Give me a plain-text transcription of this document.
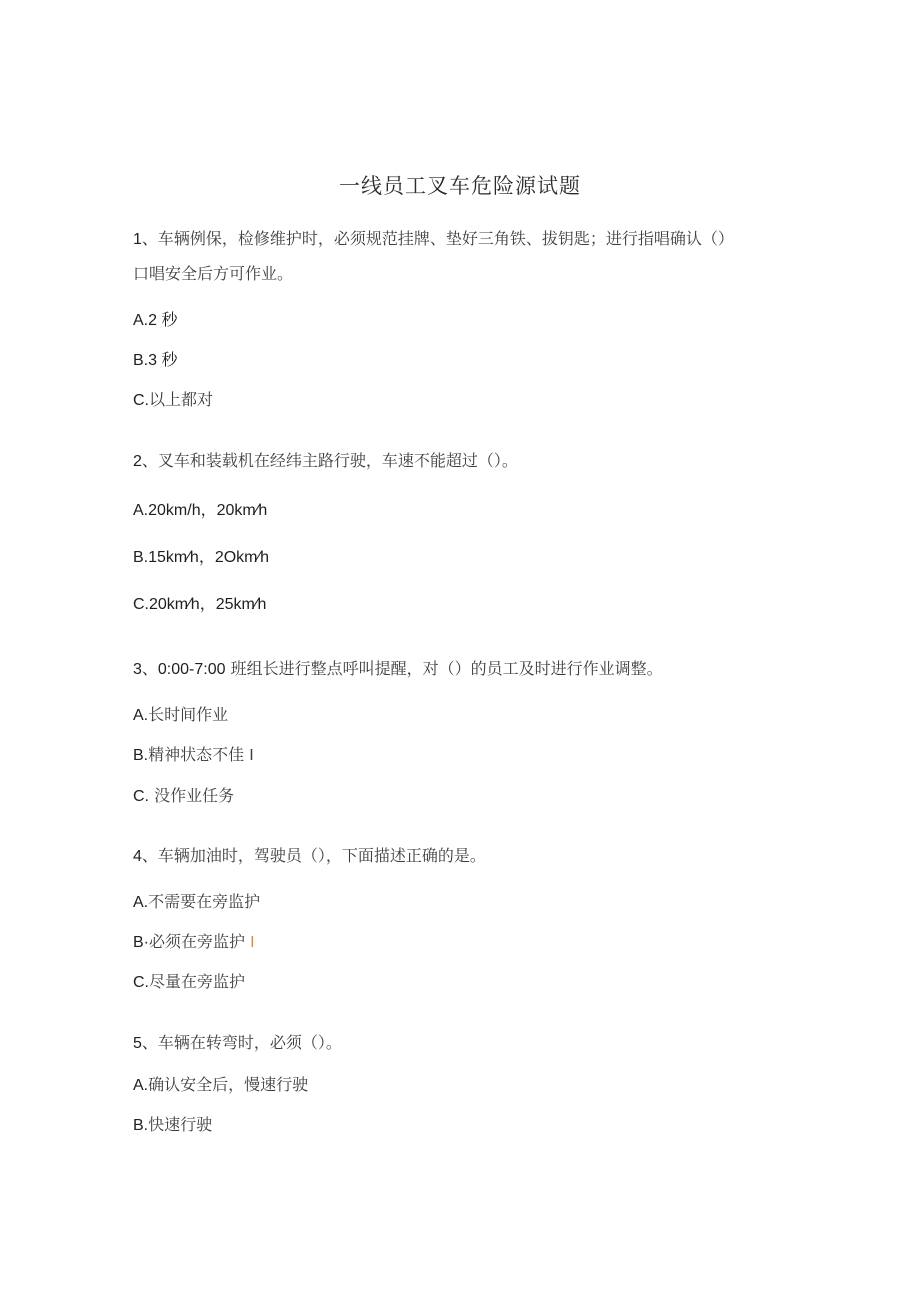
一线员工叉车危险源试题
1、车辆例保，检修维护时，必须规范挂牌、垫好三角铁、拔钥匙；进行指唱确认（）
口唱安全后方可作业。
A.2 秒
B.3 秒
C.以上都对
2、叉车和装载机在经纬主路行驶，车速不能超过（）。
A.20km/h，20km∕h
B.15km∕h，2Okm∕h
C.20km∕h，25km∕h
3、0:00-7:00 班组长进行整点呼叫提醒，对（）的员工及时进行作业调整。
A.长时间作业
B.精神状态不佳 I
C. 没作业任务
4、车辆加油时，驾驶员（），下面描述正确的是。
A.不需要在旁监护
B·必须在旁监护 I
C.尽量在旁监护
5、车辆在转弯时，必须（）。
A.确认安全后，慢速行驶
B.快速行驶
